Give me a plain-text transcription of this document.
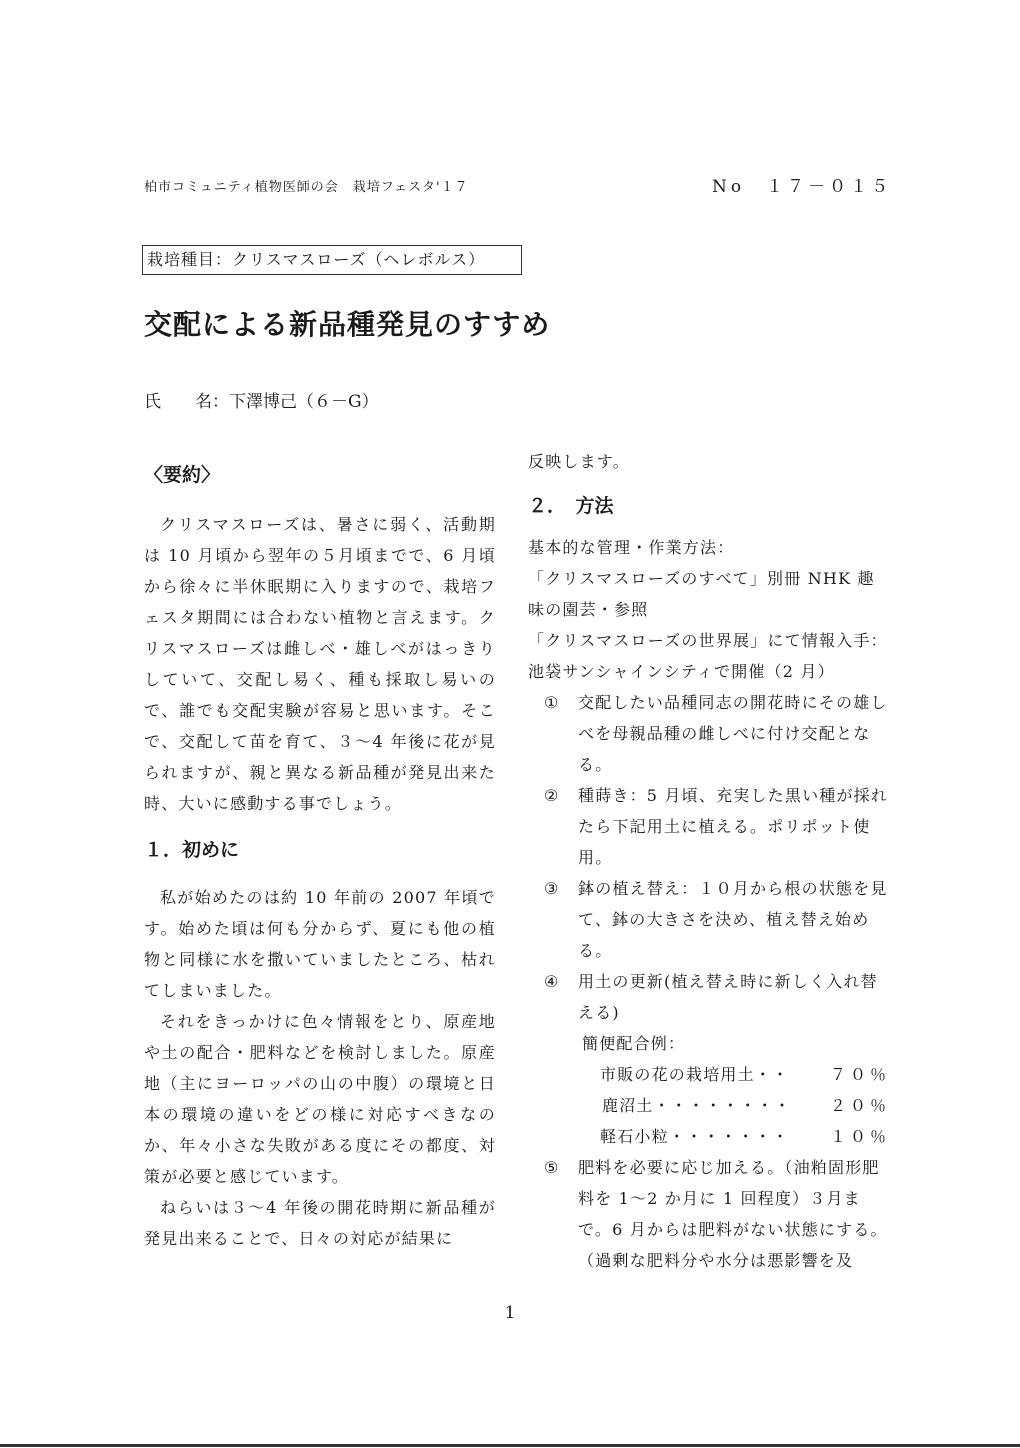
柏市コミュニティ植物医師の会　栽培フェスタ'１７	No　１７－０１５
栽培種目：クリスマスローズ（ヘレボルス）
交配による新品種発見のすすめ
氏　　名：下澤博己（６－G）
〈要約〉

クリスマスローズは、暑さに弱く、活動期は 10 月頃から翌年の５月頃までで、6 月頃から徐々に半休眠期に入りますので、栽培フェスタ期間には合わない植物と言えます。クリスマスローズは雌しべ・雄しべがはっきりしていて、交配し易く、種も採取し易いので、誰でも交配実験が容易と思います。そこで、交配して苗を育て、３～4 年後に花が見られますが、親と異なる新品種が発見出来た時、大いに感動する事でしょう。

１．初めに

私が始めたのは約 10 年前の 2007 年頃です。始めた頃は何も分からず、夏にも他の植物と同様に水を撒いていましたところ、枯れてしまいました。

それをきっかけに色々情報をとり、原産地や土の配合・肥料などを検討しました。原産地（主にヨーロッパの山の中腹）の環境と日本の環境の違いをどの様に対応すべきなのか、年々小さな失敗がある度にその都度、対策が必要と感じています。

ねらいは３～4 年後の開花時期に新品種が発見出来ることで、日々の対応が結果に

反映します。

２．　方法

基本的な管理・作業方法：

「クリスマスローズのすべて」別冊 NHK 趣味の園芸・参照

「クリスマスローズの世界展」にて情報入手：池袋サンシャインシティで開催（2 月）

①	交配したい品種同志の開花時にその雄しべを母親品種の雌しべに付け交配となる。
②	種蒔き：5 月頃、充実した黒い種が採れたら下記用土に植える。ポリポット使用。
③	鉢の植え替え：１０月から根の状態を見て、鉢の大きさを決め、植え替え始める。
④	用土の更新(植え替え時に新しく入れ替える)
簡便配合例：
市販の花の栽培用土・・	７０％
鹿沼土・・・・・・・・	２０％
軽石小粒・・・・・・・	１０％
⑤	肥料を必要に応じ加える。（油粕固形肥料を 1～2 か月に 1 回程度）３月まで。6 月からは肥料がない状態にする。（過剰な肥料分や水分は悪影響を及
1
